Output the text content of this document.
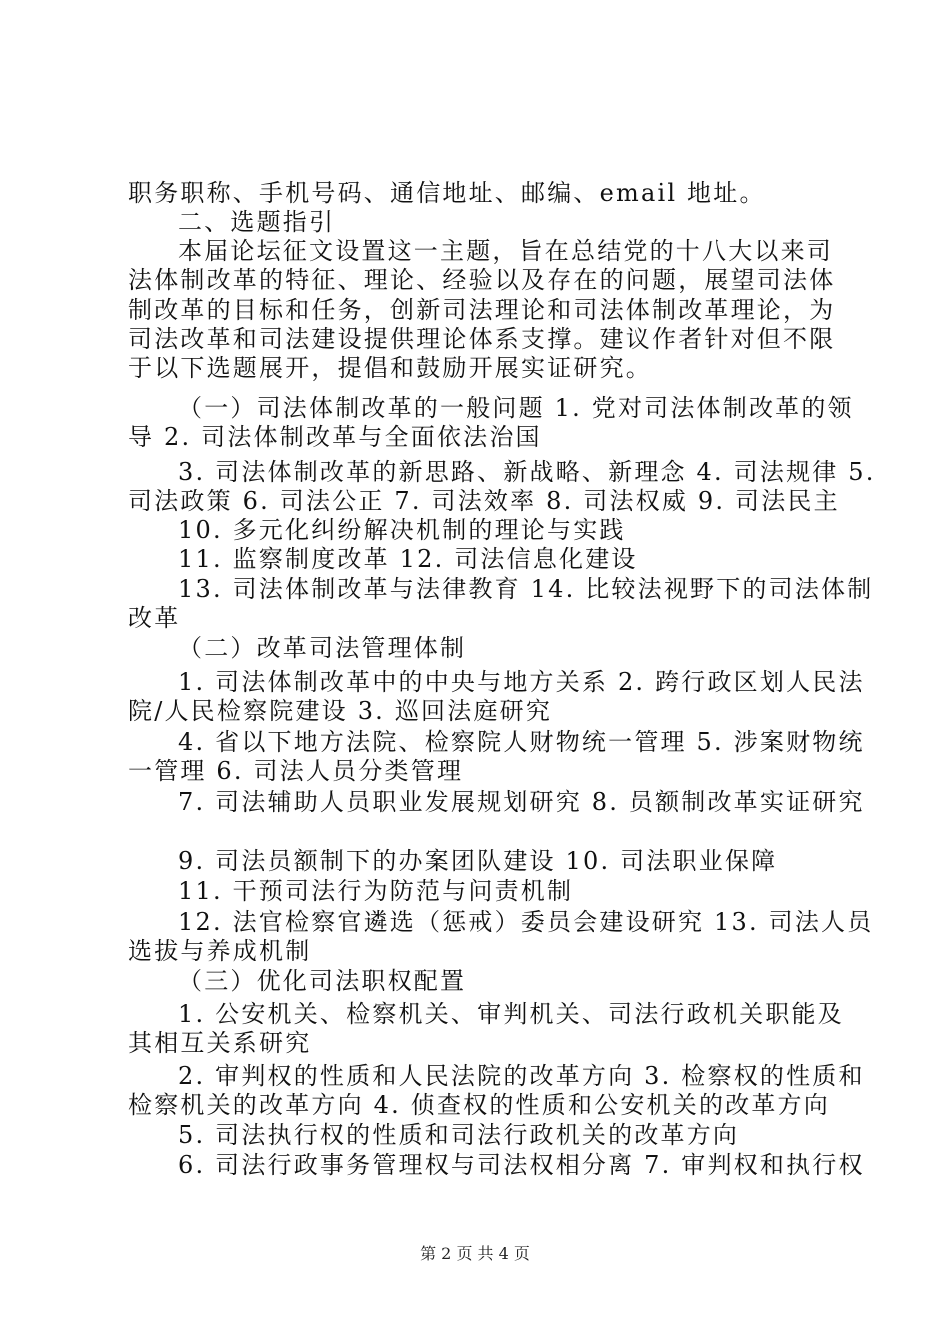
职务职称、手机号码、通信地址、邮编、email 地址。
二、选题指引
本届论坛征文设置这一主题，旨在总结党的十八大以来司
法体制改革的特征、理论、经验以及存在的问题，展望司法体
制改革的目标和任务，创新司法理论和司法体制改革理论，为
司法改革和司法建设提供理论体系支撑。建议作者针对但不限
于以下选题展开，提倡和鼓励开展实证研究。
（一）司法体制改革的一般问题 1. 党对司法体制改革的领
导 2. 司法体制改革与全面依法治国
3. 司法体制改革的新思路、新战略、新理念 4. 司法规律 5.
司法政策 6. 司法公正 7. 司法效率 8. 司法权威 9. 司法民主
10. 多元化纠纷解决机制的理论与实践
11. 监察制度改革 12. 司法信息化建设
13. 司法体制改革与法律教育 14. 比较法视野下的司法体制
改革
（二）改革司法管理体制
1. 司法体制改革中的中央与地方关系 2. 跨行政区划人民法
院/人民检察院建设 3. 巡回法庭研究
4. 省以下地方法院、检察院人财物统一管理 5. 涉案财物统
一管理 6. 司法人员分类管理
7. 司法辅助人员职业发展规划研究 8. 员额制改革实证研究
9. 司法员额制下的办案团队建设 10. 司法职业保障
11. 干预司法行为防范与问责机制
12. 法官检察官遴选（惩戒）委员会建设研究 13. 司法人员
选拔与养成机制
（三）优化司法职权配置
1. 公安机关、检察机关、审判机关、司法行政机关职能及
其相互关系研究
2. 审判权的性质和人民法院的改革方向 3. 检察权的性质和
检察机关的改革方向 4. 侦查权的性质和公安机关的改革方向
5. 司法执行权的性质和司法行政机关的改革方向
6. 司法行政事务管理权与司法权相分离 7. 审判权和执行权
第 2 页 共 4 页
